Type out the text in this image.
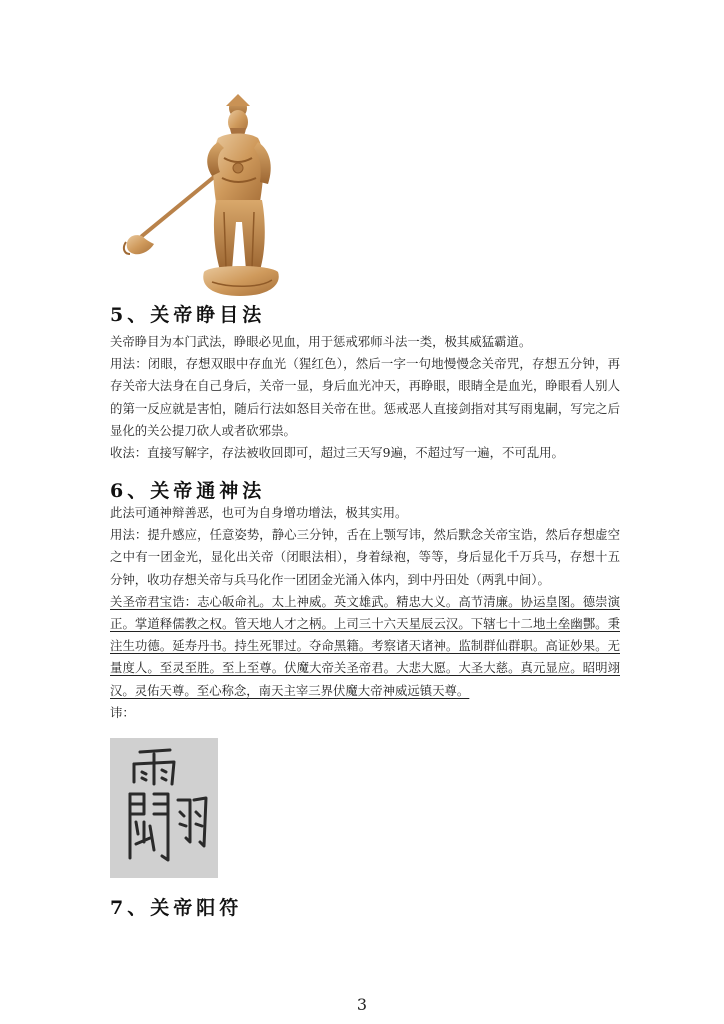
5、关帝睁目法

关帝睁目为本门武法，睁眼必见血，用于惩戒邪师斗法一类，极其威猛霸道。

用法：闭眼，存想双眼中存血光（猩红色），然后一字一句地慢慢念关帝咒，存想五分钟，再存关帝大法身在自己身后，关帝一显，身后血光冲天，再睁眼，眼睛全是血光，睁眼看人别人的第一反应就是害怕，随后行法如怒目关帝在世。惩戒恶人直接剑指对其写雨鬼嗣，写完之后显化的关公提刀砍人或者砍邪祟。

收法：直接写解字，存法被收回即可，超过三天写9遍，不超过写一遍，不可乱用。

6、关帝通神法

此法可通神辩善恶，也可为自身增功增法，极其实用。

用法：提升感应，任意姿势，静心三分钟，舌在上颚写讳，然后默念关帝宝诰，然后存想虚空之中有一团金光，显化出关帝（闭眼法相），身着绿袍，等等，身后显化千万兵马，存想十五分钟，收功存想关帝与兵马化作一团团金光涌入体内，到中丹田处（两乳中间）。

关圣帝君宝诰：志心皈命礼。太上神威。英文雄武。精忠大义。高节清廉。协运皇图。德崇演正。掌道释儒教之权。管天地人才之柄。上司三十六天星辰云汉。下辖七十二地土垒幽酆。秉注生功德。延寿丹书。持生死罪过。夺命黑籍。考察诸天诸神。监制群仙群职。高证妙果。无量度人。至灵至胜。至上至尊。伏魔大帝关圣帝君。大悲大愿。大圣大慈。真元显应。昭明翊汉。灵佑天尊。至心称念，南天主宰三界伏魔大帝神威远镇天尊。

讳：

7、关帝阳符
3
